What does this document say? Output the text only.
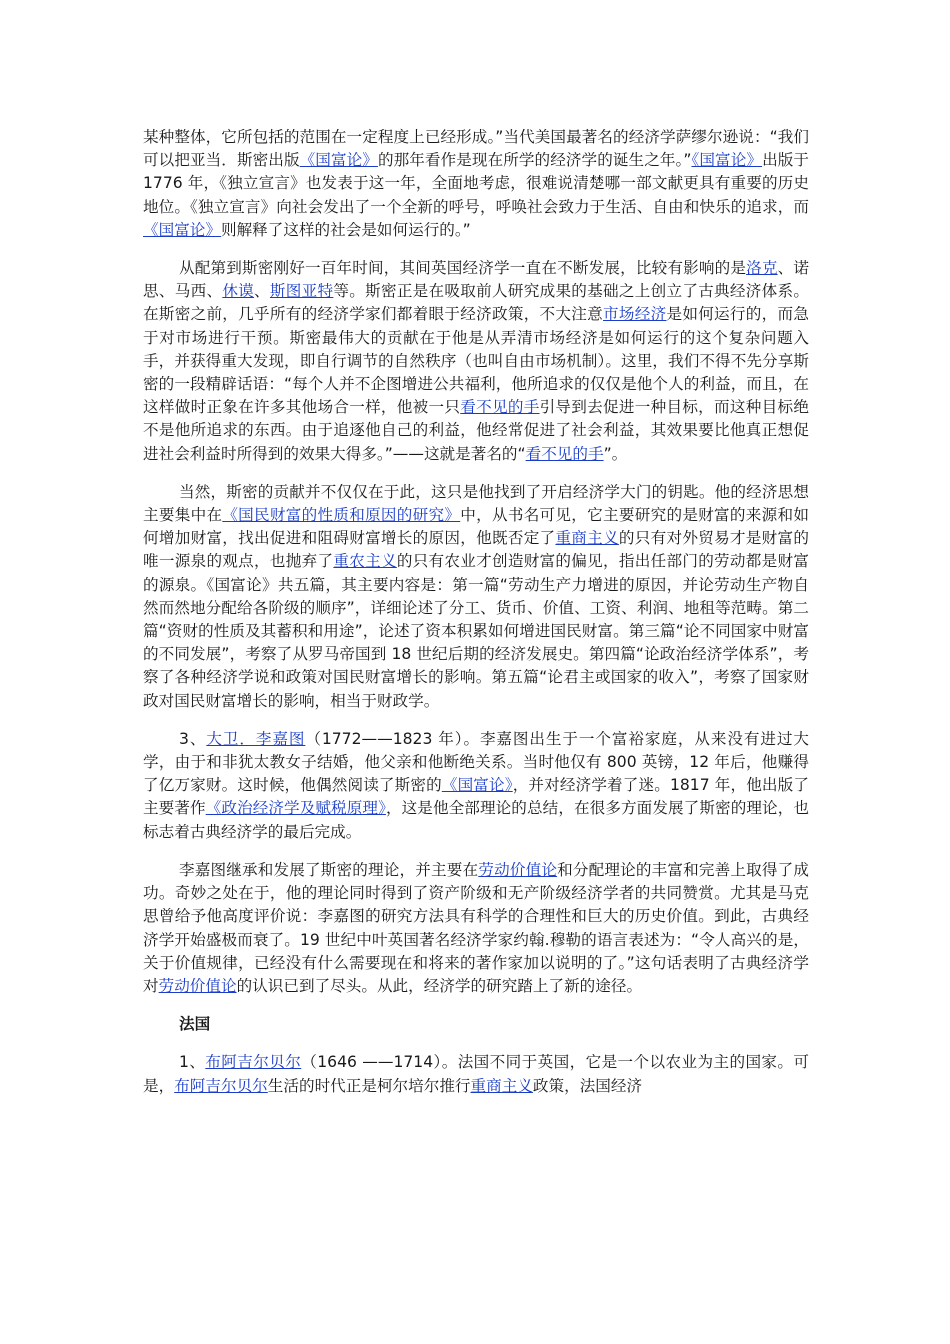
某种整体，它所包括的范围在一定程度上已经形成。”当代美国最著名的经济学萨缪尔逊说：“我们可以把亚当．斯密出版《国富论》的那年看作是现在所学的经济学的诞生之年。”《国富论》出版于 1776 年，《独立宣言》也发表于这一年，全面地考虑，很难说清楚哪一部文献更具有重要的历史地位。《独立宣言》向社会发出了一个全新的呼号，呼唤社会致力于生活、自由和快乐的追求，而《国富论》则解释了这样的社会是如何运行的。”

从配第到斯密刚好一百年时间，其间英国经济学一直在不断发展，比较有影响的是洛克、诺思、马西、休谟、斯图亚特等。斯密正是在吸取前人研究成果的基础之上创立了古典经济体系。在斯密之前，几乎所有的经济学家们都着眼于经济政策，不大注意市场经济是如何运行的，而急于对市场进行干预。斯密最伟大的贡献在于他是从弄清市场经济是如何运行的这个复杂问题入手，并获得重大发现，即自行调节的自然秩序（也叫自由市场机制）。这里，我们不得不先分享斯密的一段精辟话语：“每个人并不企图增进公共福利，他所追求的仅仅是他个人的利益，而且，在这样做时正象在许多其他场合一样，他被一只看不见的手引导到去促进一种目标，而这种目标绝不是他所追求的东西。由于追逐他自己的利益，他经常促进了社会利益，其效果要比他真正想促进社会利益时所得到的效果大得多。”——这就是著名的“看不见的手”。

当然，斯密的贡献并不仅仅在于此，这只是他找到了开启经济学大门的钥匙。他的经济思想主要集中在《国民财富的性质和原因的研究》中，从书名可见，它主要研究的是财富的来源和如何增加财富，找出促进和阻碍财富增长的原因，他既否定了重商主义的只有对外贸易才是财富的唯一源泉的观点，也抛弃了重农主义的只有农业才创造财富的偏见，指出任部门的劳动都是财富的源泉。《国富论》共五篇，其主要内容是：第一篇“劳动生产力增进的原因，并论劳动生产物自然而然地分配给各阶级的顺序”，详细论述了分工、货币、价值、工资、利润、地租等范畴。第二篇“资财的性质及其蓄积和用途”，论述了资本积累如何增进国民财富。第三篇“论不同国家中财富的不同发展”，考察了从罗马帝国到 18 世纪后期的经济发展史。第四篇“论政治经济学体系”，考察了各种经济学说和政策对国民财富增长的影响。第五篇“论君主或国家的收入”，考察了国家财政对国民财富增长的影响，相当于财政学。

3、大卫．李嘉图（1772——1823 年）。李嘉图出生于一个富裕家庭，从来没有进过大学，由于和非犹太教女子结婚，他父亲和他断绝关系。当时他仅有 800 英镑，12 年后，他赚得了亿万家财。这时候，他偶然阅读了斯密的《国富论》，并对经济学着了迷。1817 年，他出版了主要著作《政治经济学及赋税原理》，这是他全部理论的总结，在很多方面发展了斯密的理论，也标志着古典经济学的最后完成。

李嘉图继承和发展了斯密的理论，并主要在劳动价值论和分配理论的丰富和完善上取得了成功。奇妙之处在于，他的理论同时得到了资产阶级和无产阶级经济学者的共同赞赏。尤其是马克思曾给予他高度评价说：李嘉图的研究方法具有科学的合理性和巨大的历史价值。到此，古典经济学开始盛极而衰了。19 世纪中叶英国著名经济学家约翰.穆勒的语言表述为：“令人高兴的是，关于价值规律，已经没有什么需要现在和将来的著作家加以说明的了。”这句话表明了古典经济学对劳动价值论的认识已到了尽头。从此，经济学的研究踏上了新的途径。

法国

1、布阿吉尔贝尔（1646 ——1714）。法国不同于英国，它是一个以农业为主的国家。可是，布阿吉尔贝尔生活的时代正是柯尔培尔推行重商主义政策，法国经济
